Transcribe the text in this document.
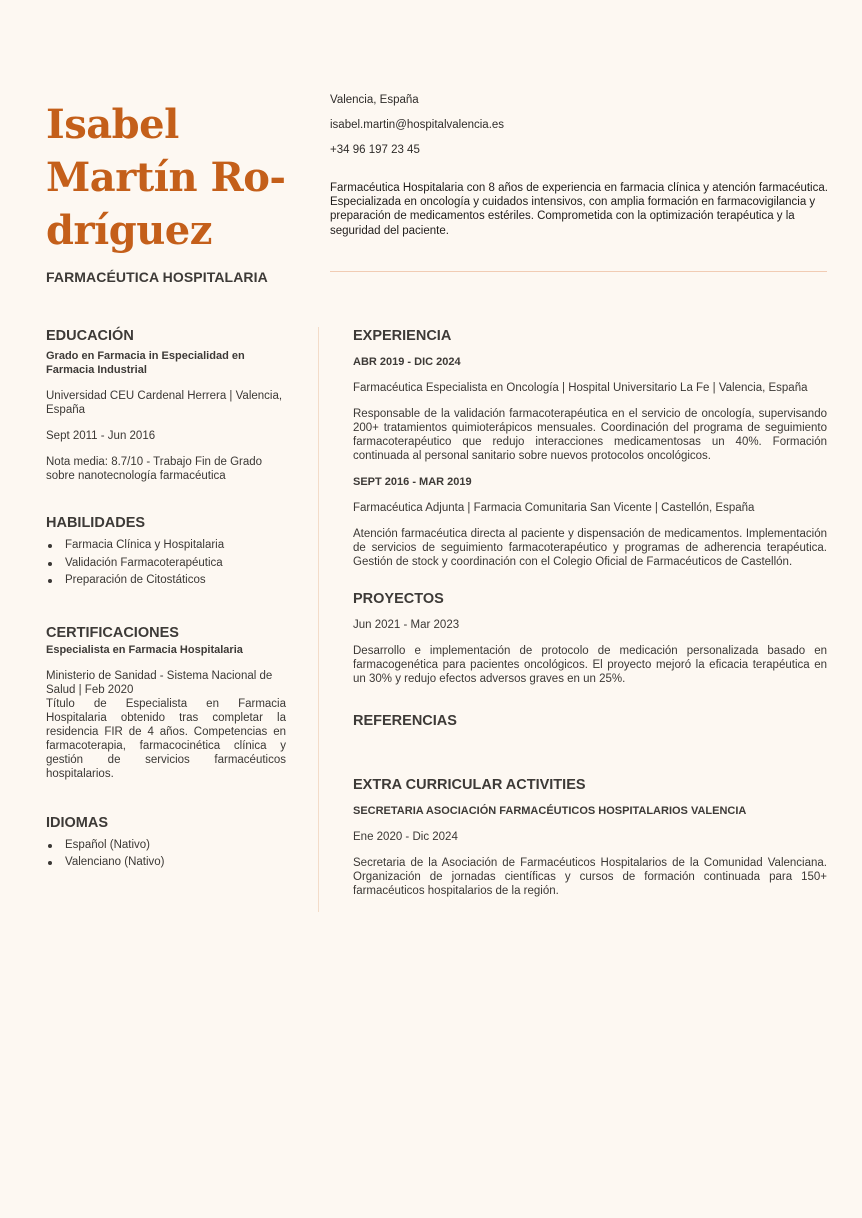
Isabel
Martín Ro-
dríguez
FARMACÉUTICA HOSPITALARIA
Valencia, España
isabel.martin@hospitalvalencia.es
+34 96 197 23 45
Farmacéutica Hospitalaria con 8 años de experiencia en farmacia clínica y atención farmacéutica. Especializada en oncología y cuidados intensivos, con amplia formación en farmacovigilancia y preparación de medicamentos estériles. Comprometida con la optimización terapéutica y la seguridad del paciente.
EDUCACIÓN
Grado en Farmacia in Especialidad en Farmacia Industrial
Universidad CEU Cardenal Herrera | Valencia, España
Sept 2011 - Jun 2016
Nota media: 8.7/10 - Trabajo Fin de Grado sobre nanotecnología farmacéutica
HABILIDADES
Farmacia Clínica y Hospitalaria
Validación Farmacoterapéutica
Preparación de Citostáticos
CERTIFICACIONES
Especialista en Farmacia Hospitalaria
Ministerio de Sanidad - Sistema Nacional de Salud | Feb 2020
Título de Especialista en Farmacia Hospitalaria obtenido tras completar la residencia FIR de 4 años. Competencias en farmacoterapia, farmacocinética clínica y gestión de servicios farmacéuticos hospitalarios.
IDIOMAS
Español (Nativo)
Valenciano (Nativo)
EXPERIENCIA
ABR 2019 - DIC 2024
Farmacéutica Especialista en Oncología | Hospital Universitario La Fe | Valencia, España
Responsable de la validación farmacoterapéutica en el servicio de oncología, supervisando 200+ tratamientos quimioterápicos mensuales. Coordinación del programa de seguimiento farmacoterapéutico que redujo interacciones medicamentosas un 40%. Formación continuada al personal sanitario sobre nuevos protocolos oncológicos.
SEPT 2016 - MAR 2019
Farmacéutica Adjunta | Farmacia Comunitaria San Vicente | Castellón, España
Atención farmacéutica directa al paciente y dispensación de medicamentos. Implementación de servicios de seguimiento farmacoterapéutico y programas de adherencia terapéutica. Gestión de stock y coordinación con el Colegio Oficial de Farmacéuticos de Castellón.
PROYECTOS
Jun 2021 - Mar 2023
Desarrollo e implementación de protocolo de medicación personalizada basado en farmacogenética para pacientes oncológicos. El proyecto mejoró la eficacia terapéutica en un 30% y redujo efectos adversos graves en un 25%.
REFERENCIAS
EXTRA CURRICULAR ACTIVITIES
SECRETARIA ASOCIACIÓN FARMACÉUTICOS HOSPITALARIOS VALENCIA
Ene 2020 - Dic 2024
Secretaria de la Asociación de Farmacéuticos Hospitalarios de la Comunidad Valenciana. Organización de jornadas científicas y cursos de formación continuada para 150+ farmacéuticos hospitalarios de la región.
